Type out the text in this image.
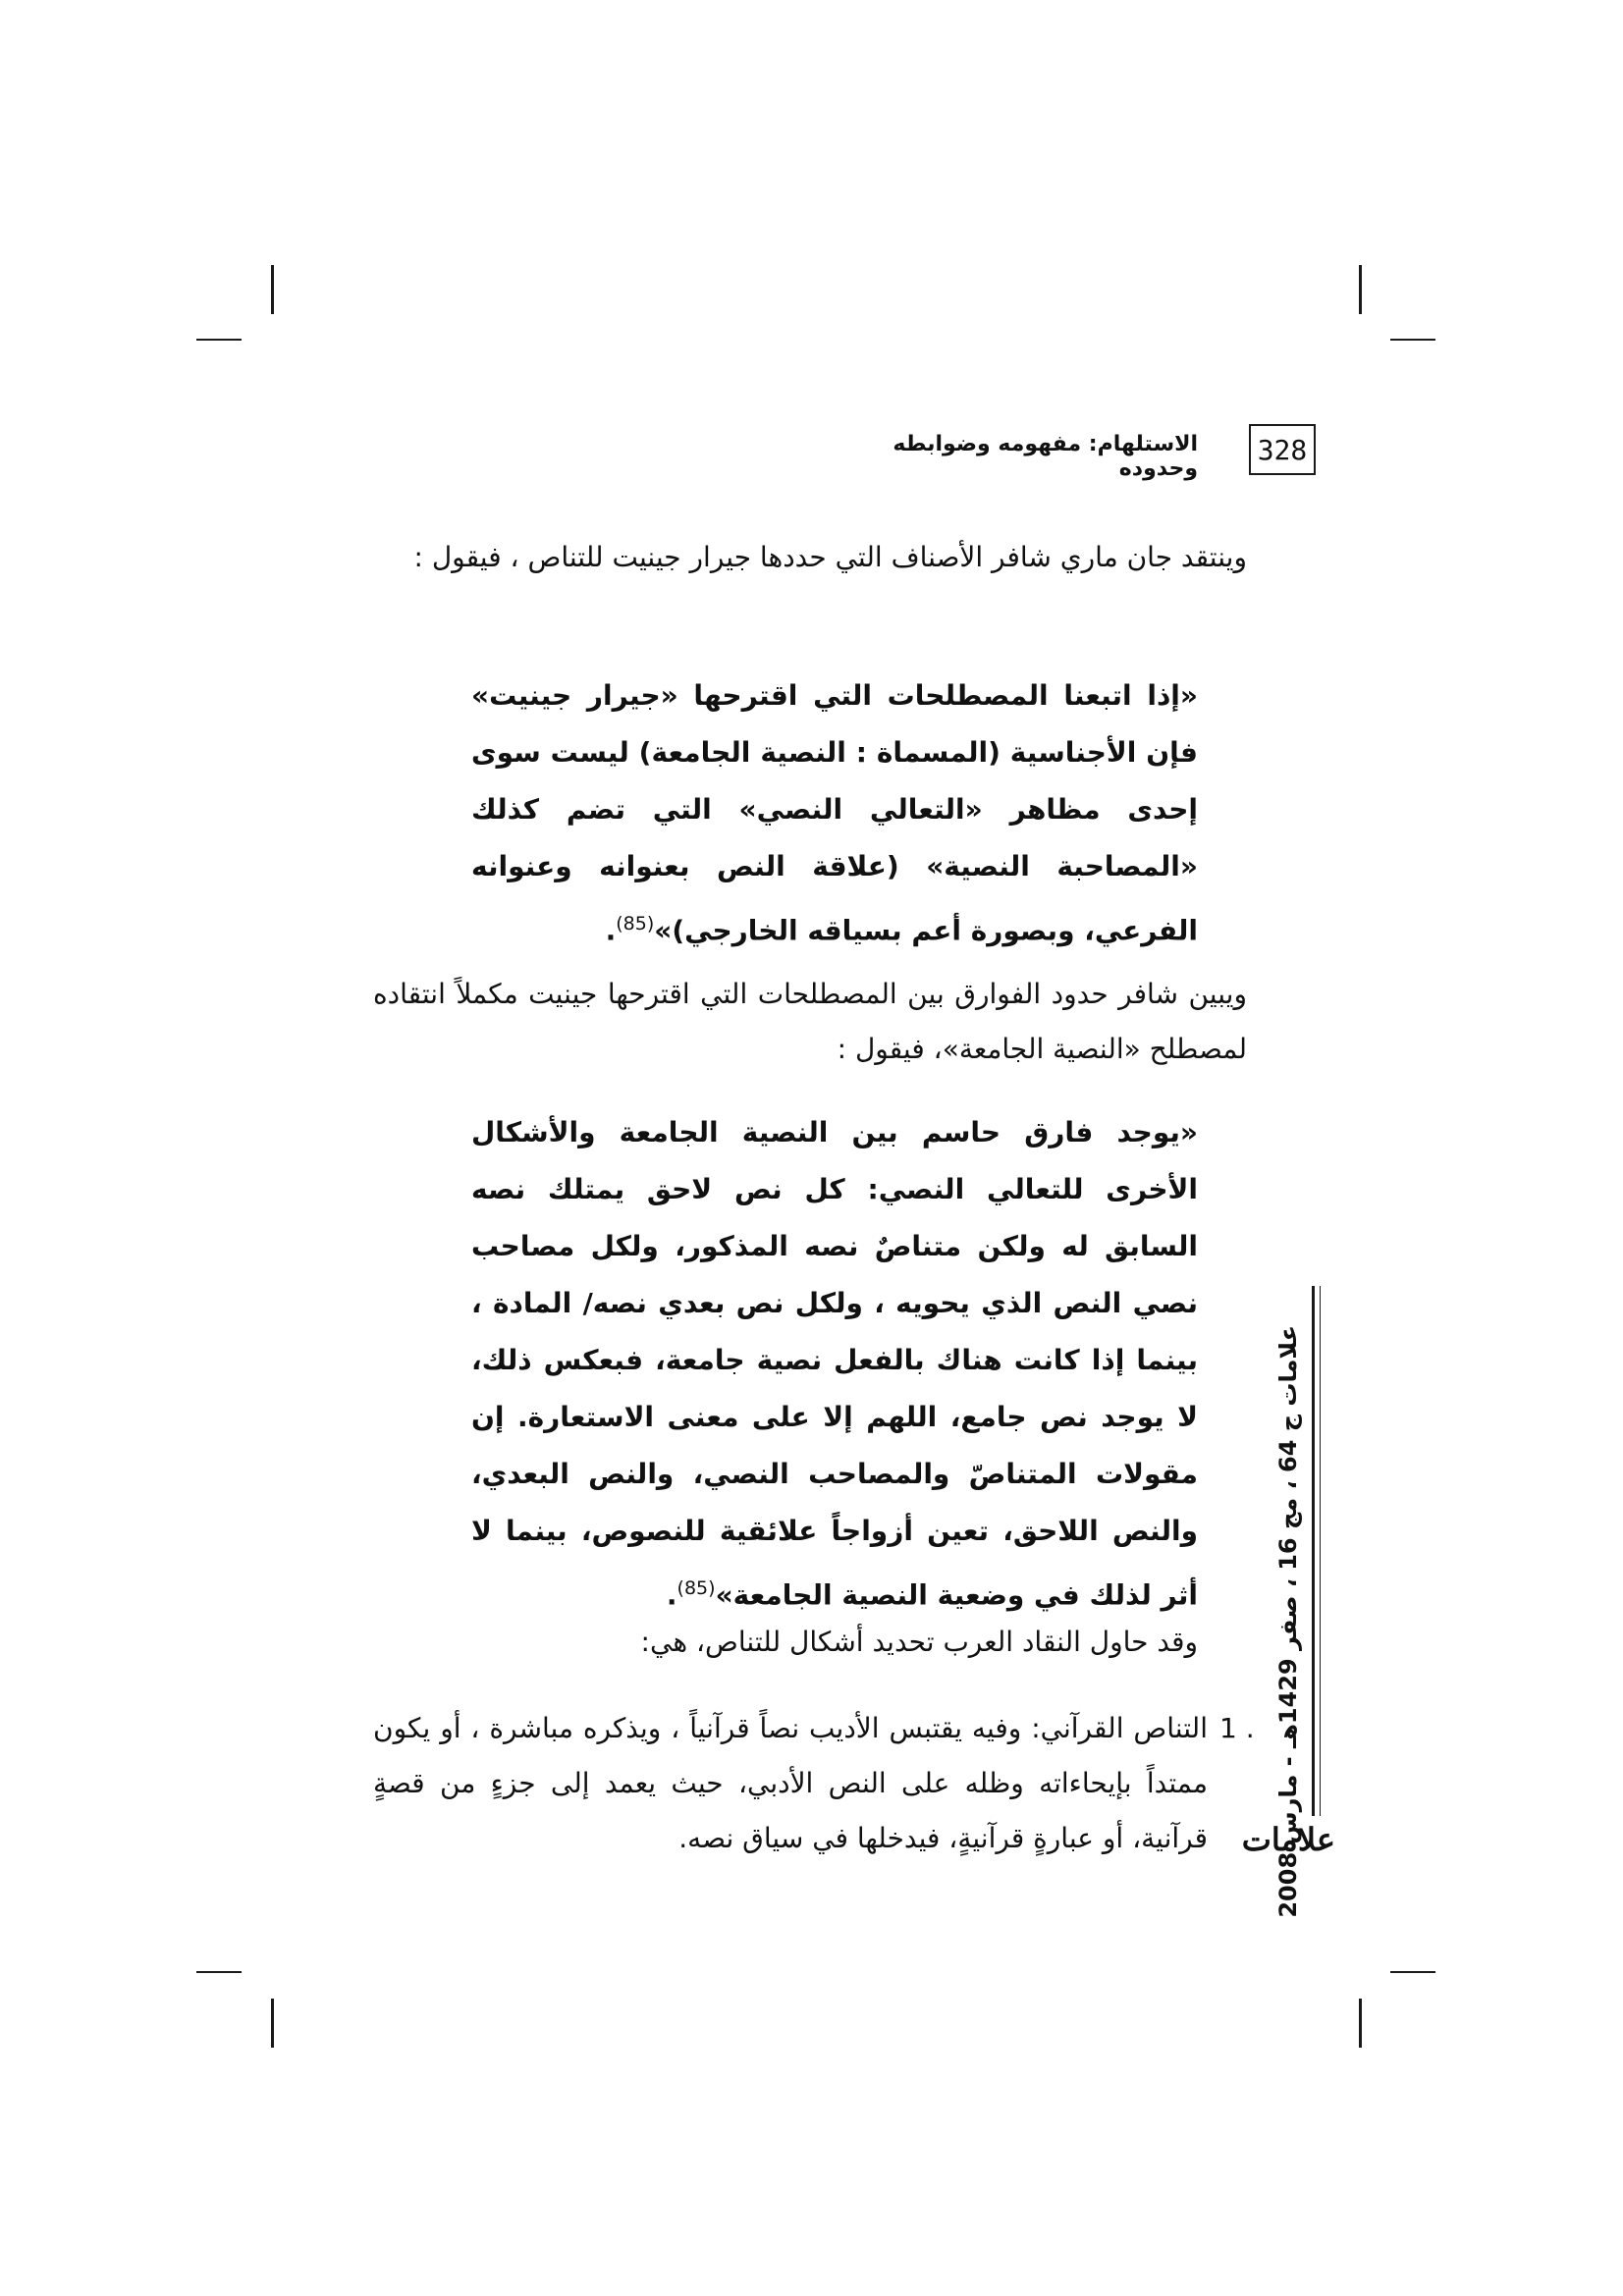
الاستلهام: مفهومه وضوابطه وحدوده
328

وينتقد جان ماري شافر الأصناف التي حددها جيرار جينيت للتناص ، فيقول :

«إذا اتبعنا المصطلحات التي اقترحها «جيرار جينيت» فإن الأجناسية (المسماة : النصية الجامعة) ليست سوى إحدى مظاهر «التعالي النصي» التي تضم كذلك «المصاحبة النصية» (علاقة النص بعنوانه وعنوانه الفرعي، وبصورة أعم بسياقه الخارجي)»$^{(85)}$.

ويبين شافر حدود الفوارق بين المصطلحات التي اقترحها جينيت مكملاً انتقاده لمصطلح «النصية الجامعة»، فيقول :

«يوجد فارق حاسم بين النصية الجامعة والأشكال الأخرى للتعالي النصي: كل نص لاحق يمتلك نصه السابق له ولكن متناصٌ نصه المذكور، ولكل مصاحب نصي النص الذي يحويه ، ولكل نص بعدي نصه/ المادة ، بينما إذا كانت هناك بالفعل نصية جامعة، فبعكس ذلك، لا يوجد نص جامع، اللهم إلا على معنى الاستعارة. إن مقولات المتناصّ والمصاحب النصي، والنص البعدي، والنص اللاحق، تعين أزواجاً علائقية للنصوص، بينما لا أثر لذلك في وضعية النصية الجامعة»$^{(85)}$.

وقد حاول النقاد العرب تحديد أشكال للتناص، هي:

1 .

التناص القرآني: وفيه يقتبس الأديب نصاً قرآنياً ، ويذكره مباشرة ، أو يكون ممتداً بإيحاءاته وظله على النص الأدبي، حيث يعمد إلى جزءٍ من قصةٍ قرآنية، أو عبارةٍ قرآنيةٍ، فيدخلها في سياق نصه.

علامات ج 64 ، مج 16 ، صفر 1429هـ - مارس 2008
علامات
